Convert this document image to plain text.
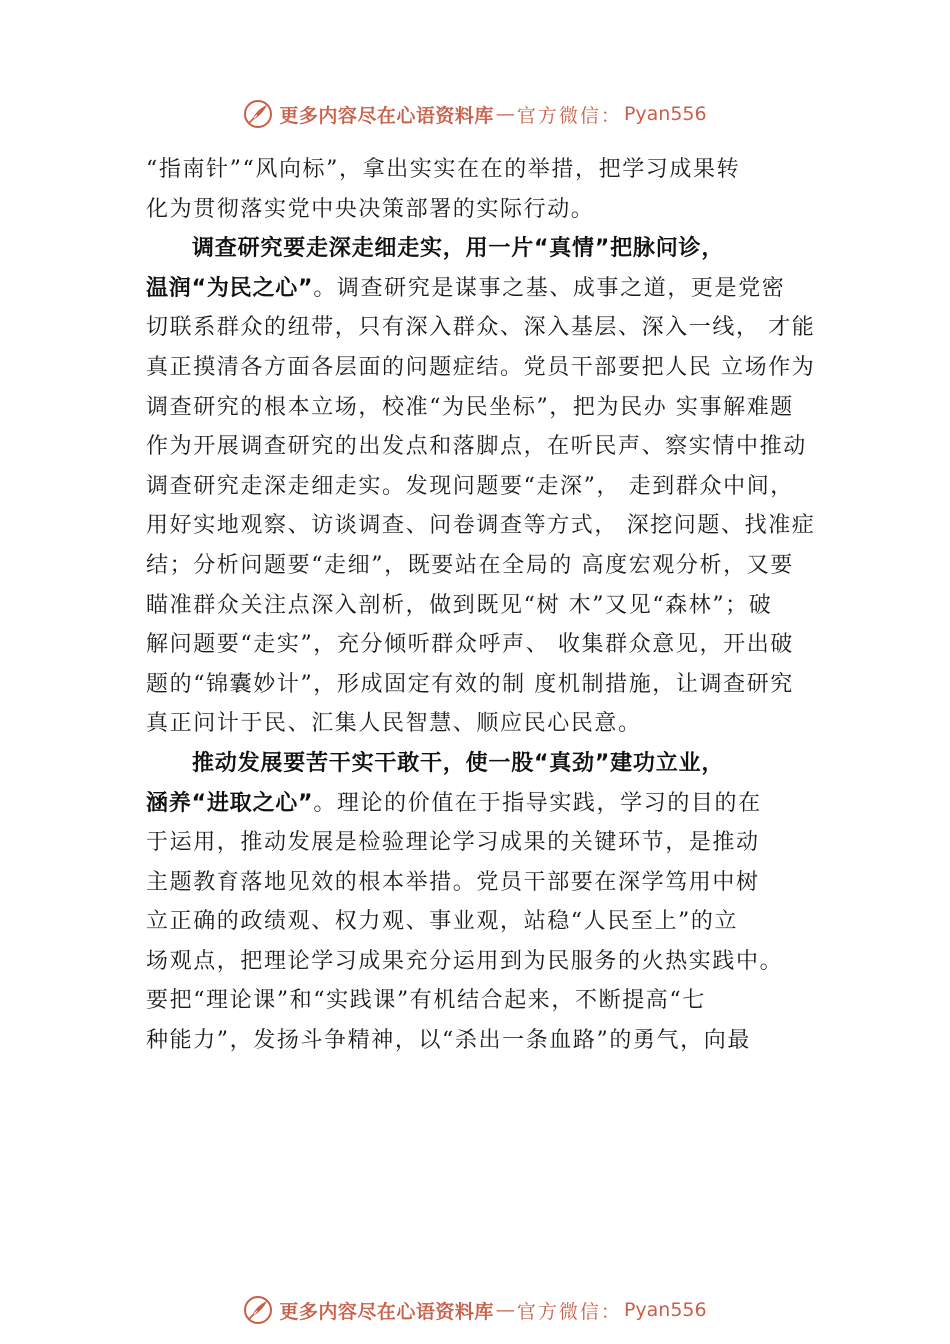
更多内容尽在心语资料库 — 官方微信： Pyan556
“指南针”“风向标”，拿出实实在在的举措，把学习成果转
化为贯彻落实党中央决策部署的实际行动。
调查研究要走深走细走实，用一片“真情”把脉问诊，
温润“为民之心”。调查研究是谋事之基、成事之道，更是党密
切联系群众的纽带，只有深入群众、深入基层、深入一线， 才能
真正摸清各方面各层面的问题症结。党员干部要把人民 立场作为
调查研究的根本立场，校准“为民坐标”，把为民办 实事解难题
作为开展调查研究的出发点和落脚点，在听民声、察实情中推动
调查研究走深走细走实。发现问题要“走深”， 走到群众中间，
用好实地观察、访谈调查、问卷调查等方式， 深挖问题、找准症
结；分析问题要“走细”，既要站在全局的 高度宏观分析，又要
瞄准群众关注点深入剖析，做到既见“树 木”又见“森林”；破
解问题要“走实”，充分倾听群众呼声、 收集群众意见，开出破
题的“锦囊妙计”，形成固定有效的制 度机制措施，让调查研究
真正问计于民、汇集人民智慧、顺应民心民意。
推动发展要苦干实干敢干，使一股“真劲”建功立业，
涵养“进取之心”。理论的价值在于指导实践，学习的目的在
于运用，推动发展是检验理论学习成果的关键环节，是推动
主题教育落地见效的根本举措。党员干部要在深学笃用中树
立正确的政绩观、权力观、事业观，站稳“人民至上”的立
场观点，把理论学习成果充分运用到为民服务的火热实践中。
要把“理论课”和“实践课”有机结合起来，不断提高“七
种能力”，发扬斗争精神，以“杀出一条血路”的勇气，向最
更多内容尽在心语资料库 — 官方微信： Pyan556
